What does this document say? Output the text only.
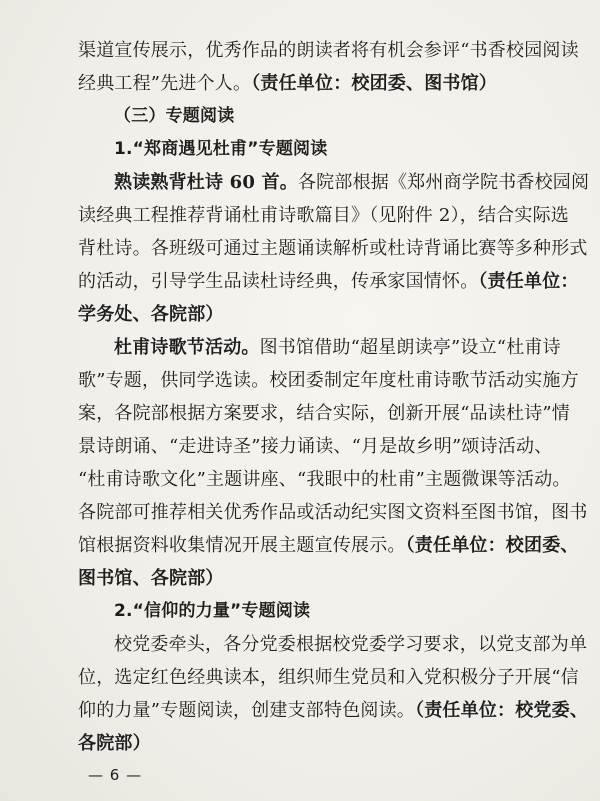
渠道宣传展示，优秀作品的朗读者将有机会参评“书香校园阅读
经典工程”先进个人。（责任单位：校团委、图书馆）
（三）专题阅读
1.“郑商遇见杜甫”专题阅读
熟读熟背杜诗 60 首。各院部根据《郑州商学院书香校园阅
读经典工程推荐背诵杜甫诗歌篇目》（见附件 2），结合实际选
背杜诗。各班级可通过主题诵读解析或杜诗背诵比赛等多种形式
的活动，引导学生品读杜诗经典，传承家国情怀。（责任单位：
学务处、各院部）
杜甫诗歌节活动。图书馆借助“超星朗读亭”设立“杜甫诗
歌”专题，供同学选读。校团委制定年度杜甫诗歌节活动实施方
案，各院部根据方案要求，结合实际，创新开展“品读杜诗”情
景诗朗诵、“走进诗圣”接力诵读、“月是故乡明”颂诗活动、
“杜甫诗歌文化”主题讲座、“我眼中的杜甫”主题微课等活动。
各院部可推荐相关优秀作品或活动纪实图文资料至图书馆，图书
馆根据资料收集情况开展主题宣传展示。（责任单位：校团委、
图书馆、各院部）
2.“信仰的力量”专题阅读
校党委牵头，各分党委根据校党委学习要求，以党支部为单
位，选定红色经典读本，组织师生党员和入党积极分子开展“信
仰的力量”专题阅读，创建支部特色阅读。（责任单位：校党委、
各院部）
— 6 —
